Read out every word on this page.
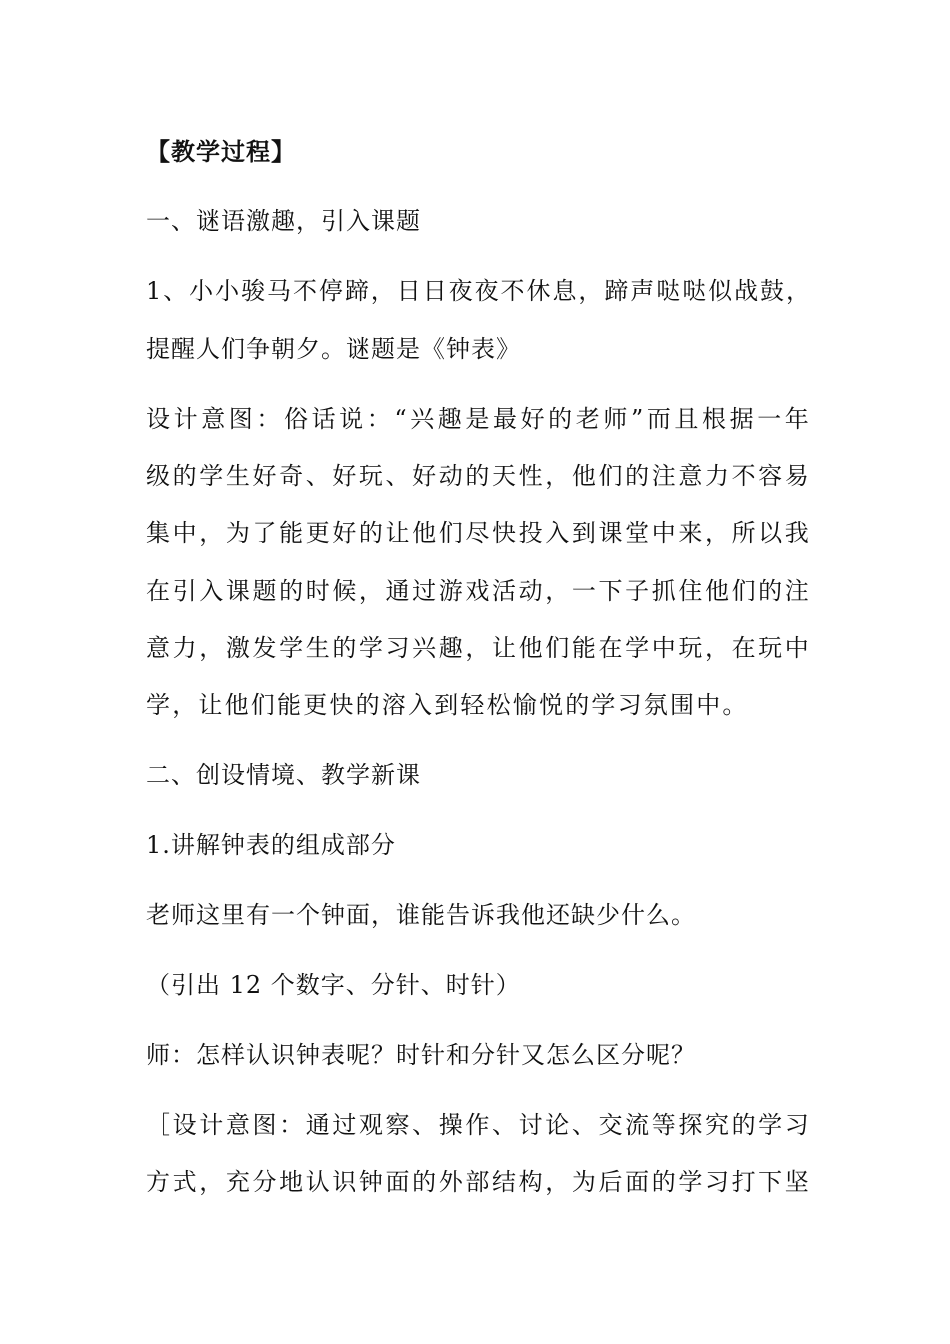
【教学过程】
一、谜语激趣，引入课题
1、小小骏马不停蹄，日日夜夜不休息，蹄声哒哒似战鼓，
提醒人们争朝夕。谜题是《钟表》
设计意图：俗话说：“兴趣是最好的老师”而且根据一年
级的学生好奇、好玩、好动的天性，他们的注意力不容易
集中，为了能更好的让他们尽快投入到课堂中来，所以我
在引入课题的时候，通过游戏活动，一下子抓住他们的注
意力，激发学生的学习兴趣，让他们能在学中玩，在玩中
学，让他们能更快的溶入到轻松愉悦的学习氛围中。
二、创设情境、教学新课
1.讲解钟表的组成部分
老师这里有一个钟面，谁能告诉我他还缺少什么。
（引出 12 个数字、分针、时针）
师：怎样认识钟表呢？时针和分针又怎么区分呢？
［设计意图：通过观察、操作、讨论、交流等探究的学习
方式，充分地认识钟面的外部结构，为后面的学习打下坚
